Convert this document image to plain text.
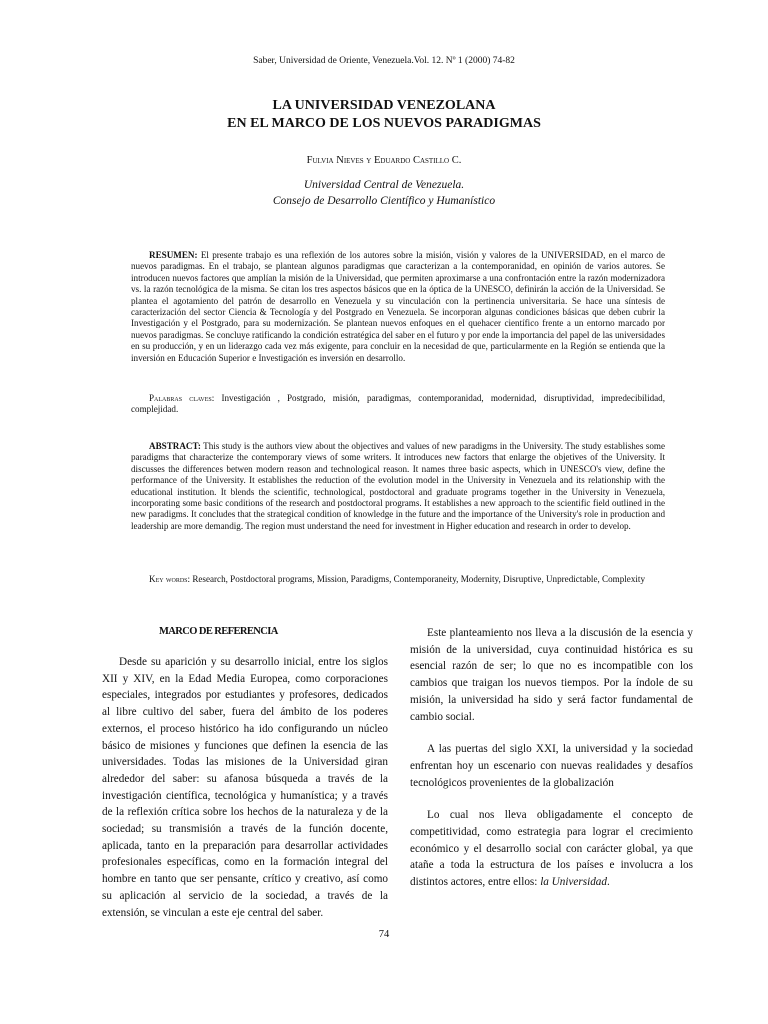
Saber, Universidad de Oriente, Venezuela.Vol. 12. Nº 1 (2000) 74-82
LA UNIVERSIDAD VENEZOLANA
EN EL MARCO DE LOS NUEVOS PARADIGMAS
Fulvia Nieves y Eduardo Castillo C.
Universidad Central de Venezuela.
Consejo de Desarrollo Científico y Humanístico
RESUMEN: El presente trabajo es una reflexión de los autores sobre la misión, visión y valores de la UNIVERSIDAD, en el marco de nuevos paradigmas. En el trabajo, se plantean algunos paradigmas que caracterizan a la contemporanidad, en opinión de varios autores. Se introducen nuevos factores que amplían la misión de la Universidad, que permiten aproximarse a una confrontación entre la razón modernizadora vs. la razón tecnológica de la misma. Se citan los tres aspectos básicos que en la óptica de la UNESCO, definirán la acción de la Universidad. Se plantea el agotamiento del patrón de desarrollo en Venezuela y su vinculación con la pertinencia universitaria. Se hace una síntesis de caracterización del sector Ciencia & Tecnología y del Postgrado en Venezuela. Se incorporan algunas condiciones básicas que deben cubrir la Investigación y el Postgrado, para su modernización. Se plantean nuevos enfoques en el quehacer científico frente a un entorno marcado por nuevos paradigmas. Se concluye ratificando la condición estratégica del saber en el futuro y por ende la importancia del papel de las universidades en su producción, y en un liderazgo cada vez más exigente, para concluir en la necesidad de que, particularmente en la Región se entienda que la inversión en Educación Superior e Investigación es inversión en desarrollo.
Palabras claves: Investigación , Postgrado, misión, paradigmas, contemporanidad, modernidad, disruptividad, impredecibilidad, complejidad.
ABSTRACT: This study is the authors view about the objectives and values of new paradigms in the University. The study establishes some paradigms that characterize the contemporary views of some writers. It introduces new factors that enlarge the objetives of the University. It discusses the differences betwen modern reason and technological reason. It names three basic aspects, which in UNESCO's view, define the performance of the University. It establishes the reduction of the evolution model in the University in Venezuela and its relationship with the educational institution. It blends the scientific, technological, postdoctoral and graduate programs together in the University in Venezuela, incorporating some basic conditions of the research and postdoctoral programs. It establishes a new approach to the scientific field outlined in the new paradigms. It concludes that the strategical condition of knowledge in the future and the importance of the University's role in production and leadership are more demandig. The region must understand the need for investment in Higher education and research in order to develop.
Key words: Research, Postdoctoral programs, Mission, Paradigms, Contemporaneity, Modernity, Disruptive, Unpredictable, Complexity
MARCO DE REFERENCIA

Desde su aparición y su desarrollo inicial, entre los siglos XII y XIV, en la Edad Media Europea, como corporaciones especiales, integrados por estudiantes y profesores, dedicados al libre cultivo del saber, fuera del ámbito de los poderes externos, el proceso histórico ha ido configurando un núcleo básico de misiones y funciones que definen la esencia de las universidades. Todas las misiones de la Universidad giran alrededor del saber: su afanosa búsqueda a través de la investigación científica, tecnológica y humanística; y a través de la reflexión crítica sobre los hechos de la naturaleza y de la sociedad; su transmisión a través de la función docente, aplicada, tanto en la preparación para desarrollar actividades profesionales específicas, como en la formación integral del hombre en tanto que ser pensante, crítico y creativo, así como su aplicación al servicio de la sociedad, a través de la extensión, se vinculan a este eje central del saber.

Este planteamiento nos lleva a la discusión de la esencia y misión de la universidad, cuya continuidad histórica es su esencial razón de ser; lo que no es incompatible con los cambios que traigan los nuevos tiempos. Por la índole de su misión, la universidad ha sido y será factor fundamental de cambio social.

A las puertas del siglo XXI, la universidad y la sociedad enfrentan hoy un escenario con nuevas realidades y desafíos tecnológicos provenientes de la globalización

Lo cual nos lleva obligadamente el concepto de competitividad, como estrategia para lograr el crecimiento económico y el desarrollo social con carácter global, ya que atañe a toda la estructura de los países e involucra a los distintos actores, entre ellos: la Universidad.

74
